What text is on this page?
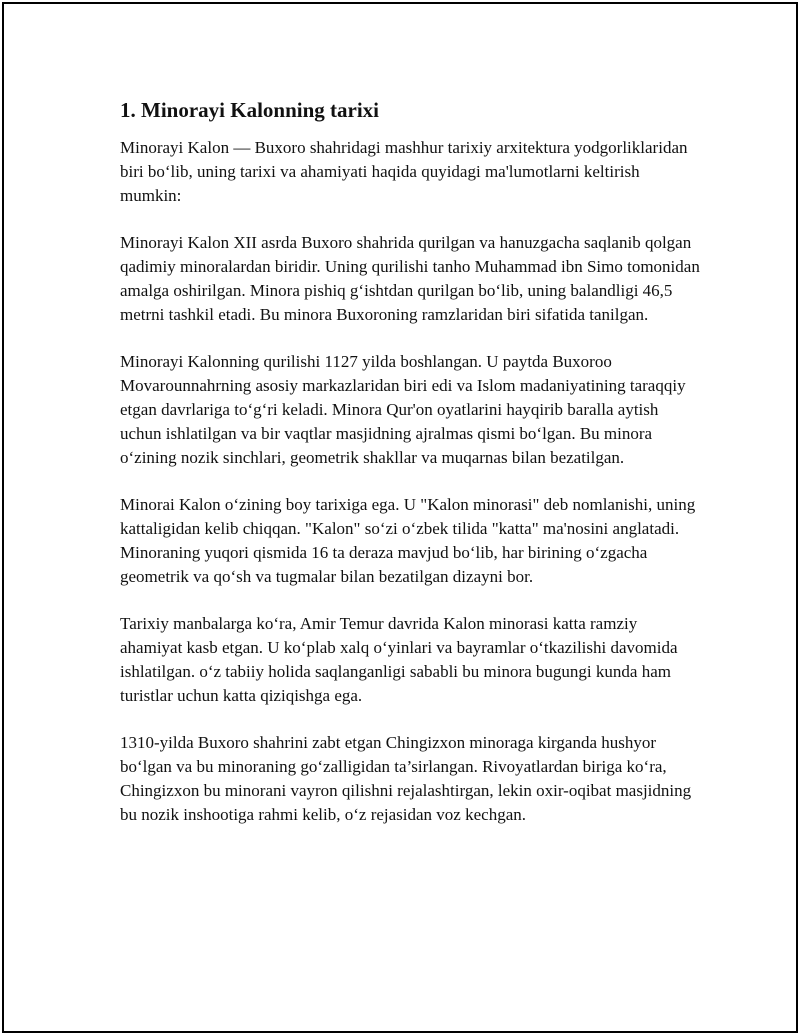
1. Minorayi Kalonning tarixi

Minorayi Kalon — Buxoro shahridagi mashhur tarixiy arxitektura yodgorliklaridan biri bo‘lib, uning tarixi va ahamiyati haqida quyidagi ma'lumotlarni keltirish mumkin:

Minorayi Kalon XII asrda Buxoro shahrida qurilgan va hanuzgacha saqlanib qolgan qadimiy minoralardan biridir. Uning qurilishi tanho Muhammad ibn Simo tomonidan amalga oshirilgan. Minora pishiq g‘ishtdan qurilgan bo‘lib, uning balandligi 46,5 metrni tashkil etadi. Bu minora Buxoroning ramzlaridan biri sifatida tanilgan.

Minorayi Kalonning qurilishi 1127 yilda boshlangan. U paytda Buxoroo Movarounnahrning asosiy markazlaridan biri edi va Islom madaniyatining taraqqiy etgan davrlariga to‘g‘ri keladi. Minora Qur'on oyatlarini hayqirib baralla aytish uchun ishlatilgan va bir vaqtlar masjidning ajralmas qismi bo‘lgan. Bu minora o‘zining nozik sinchlari, geometrik shakllar va muqarnas bilan bezatilgan.

Minorai Kalon o‘zining boy tarixiga ega. U "Kalon minorasi" deb nomlanishi, uning kattaligidan kelib chiqqan. "Kalon" so‘zi o‘zbek tilida "katta" ma'nosini anglatadi. Minoraning yuqori qismida 16 ta deraza mavjud bo‘lib, har birining o‘zgacha geometrik va qo‘sh va tugmalar bilan bezatilgan dizayni bor.

Tarixiy manbalarga ko‘ra, Amir Temur davrida Kalon minorasi katta ramziy ahamiyat kasb etgan. U ko‘plab xalq o‘yinlari va bayramlar o‘tkazilishi davomida ishlatilgan. o‘z tabiiy holida saqlanganligi sababli bu minora bugungi kunda ham turistlar uchun katta qiziqishga ega.

1310-yilda Buxoro shahrini zabt etgan Chingizxon minoraga kirganda hushyor bo‘lgan va bu minoraning go‘zalligidan ta’sirlangan. Rivoyatlardan biriga ko‘ra, Chingizxon bu minorani vayron qilishni rejalashtirgan, lekin oxir-oqibat masjidning bu nozik inshootiga rahmi kelib, o‘z rejasidan voz kechgan.
